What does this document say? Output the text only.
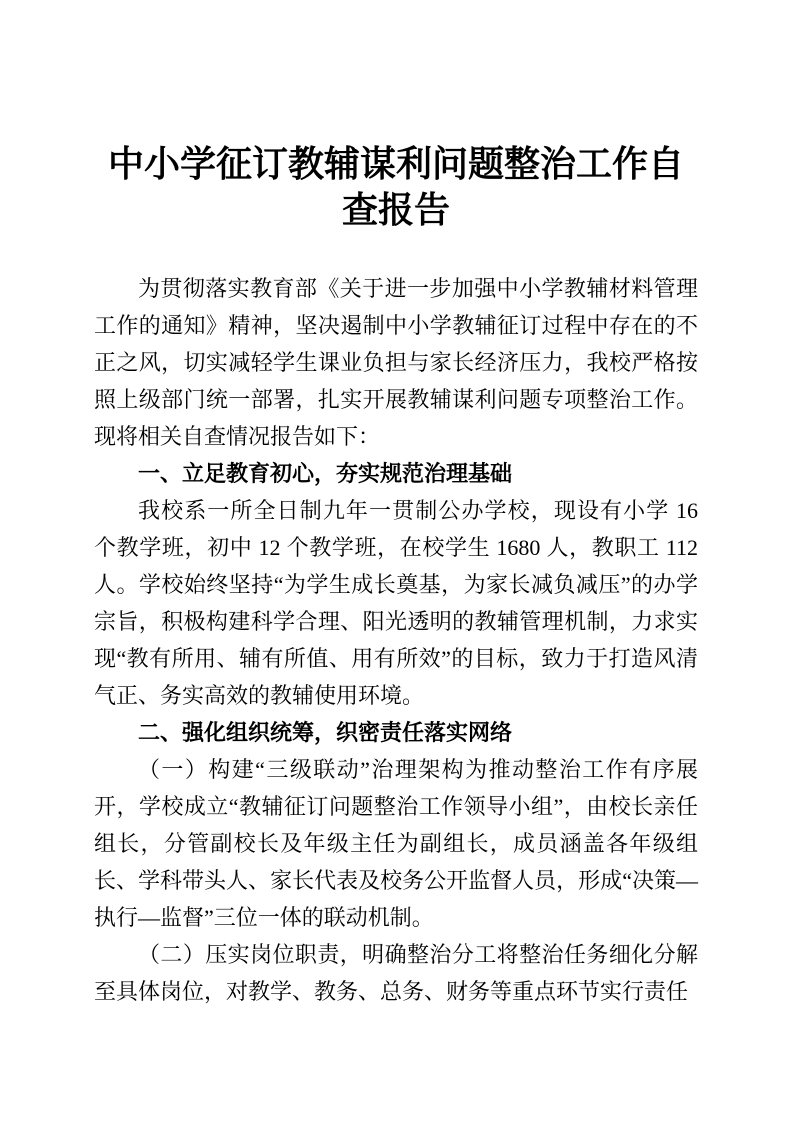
中小学征订教辅谋利问题整治工作自查报告

为贯彻落实教育部《关于进一步加强中小学教辅材料管理工作的通知》精神，坚决遏制中小学教辅征订过程中存在的不正之风，切实减轻学生课业负担与家长经济压力，我校严格按照上级部门统一部署，扎实开展教辅谋利问题专项整治工作。现将相关自查情况报告如下：

一、立足教育初心，夯实规范治理基础

我校系一所全日制九年一贯制公办学校，现设有小学 16 个教学班，初中 12 个教学班，在校学生 1680 人，教职工 112 人。学校始终坚持“为学生成长奠基，为家长减负减压”的办学宗旨，积极构建科学合理、阳光透明的教辅管理机制，力求实现“教有所用、辅有所值、用有所效”的目标，致力于打造风清气正、务实高效的教辅使用环境。

二、强化组织统筹，织密责任落实网络

（一）构建“三级联动”治理架构为推动整治工作有序展开，学校成立“教辅征订问题整治工作领导小组”，由校长亲任组长，分管副校长及年级主任为副组长，成员涵盖各年级组长、学科带头人、家长代表及校务公开监督人员，形成“决策—执行—监督”三位一体的联动机制。

（二）压实岗位职责，明确整治分工将整治任务细化分解至具体岗位，对教学、教务、总务、财务等重点环节实行责任
